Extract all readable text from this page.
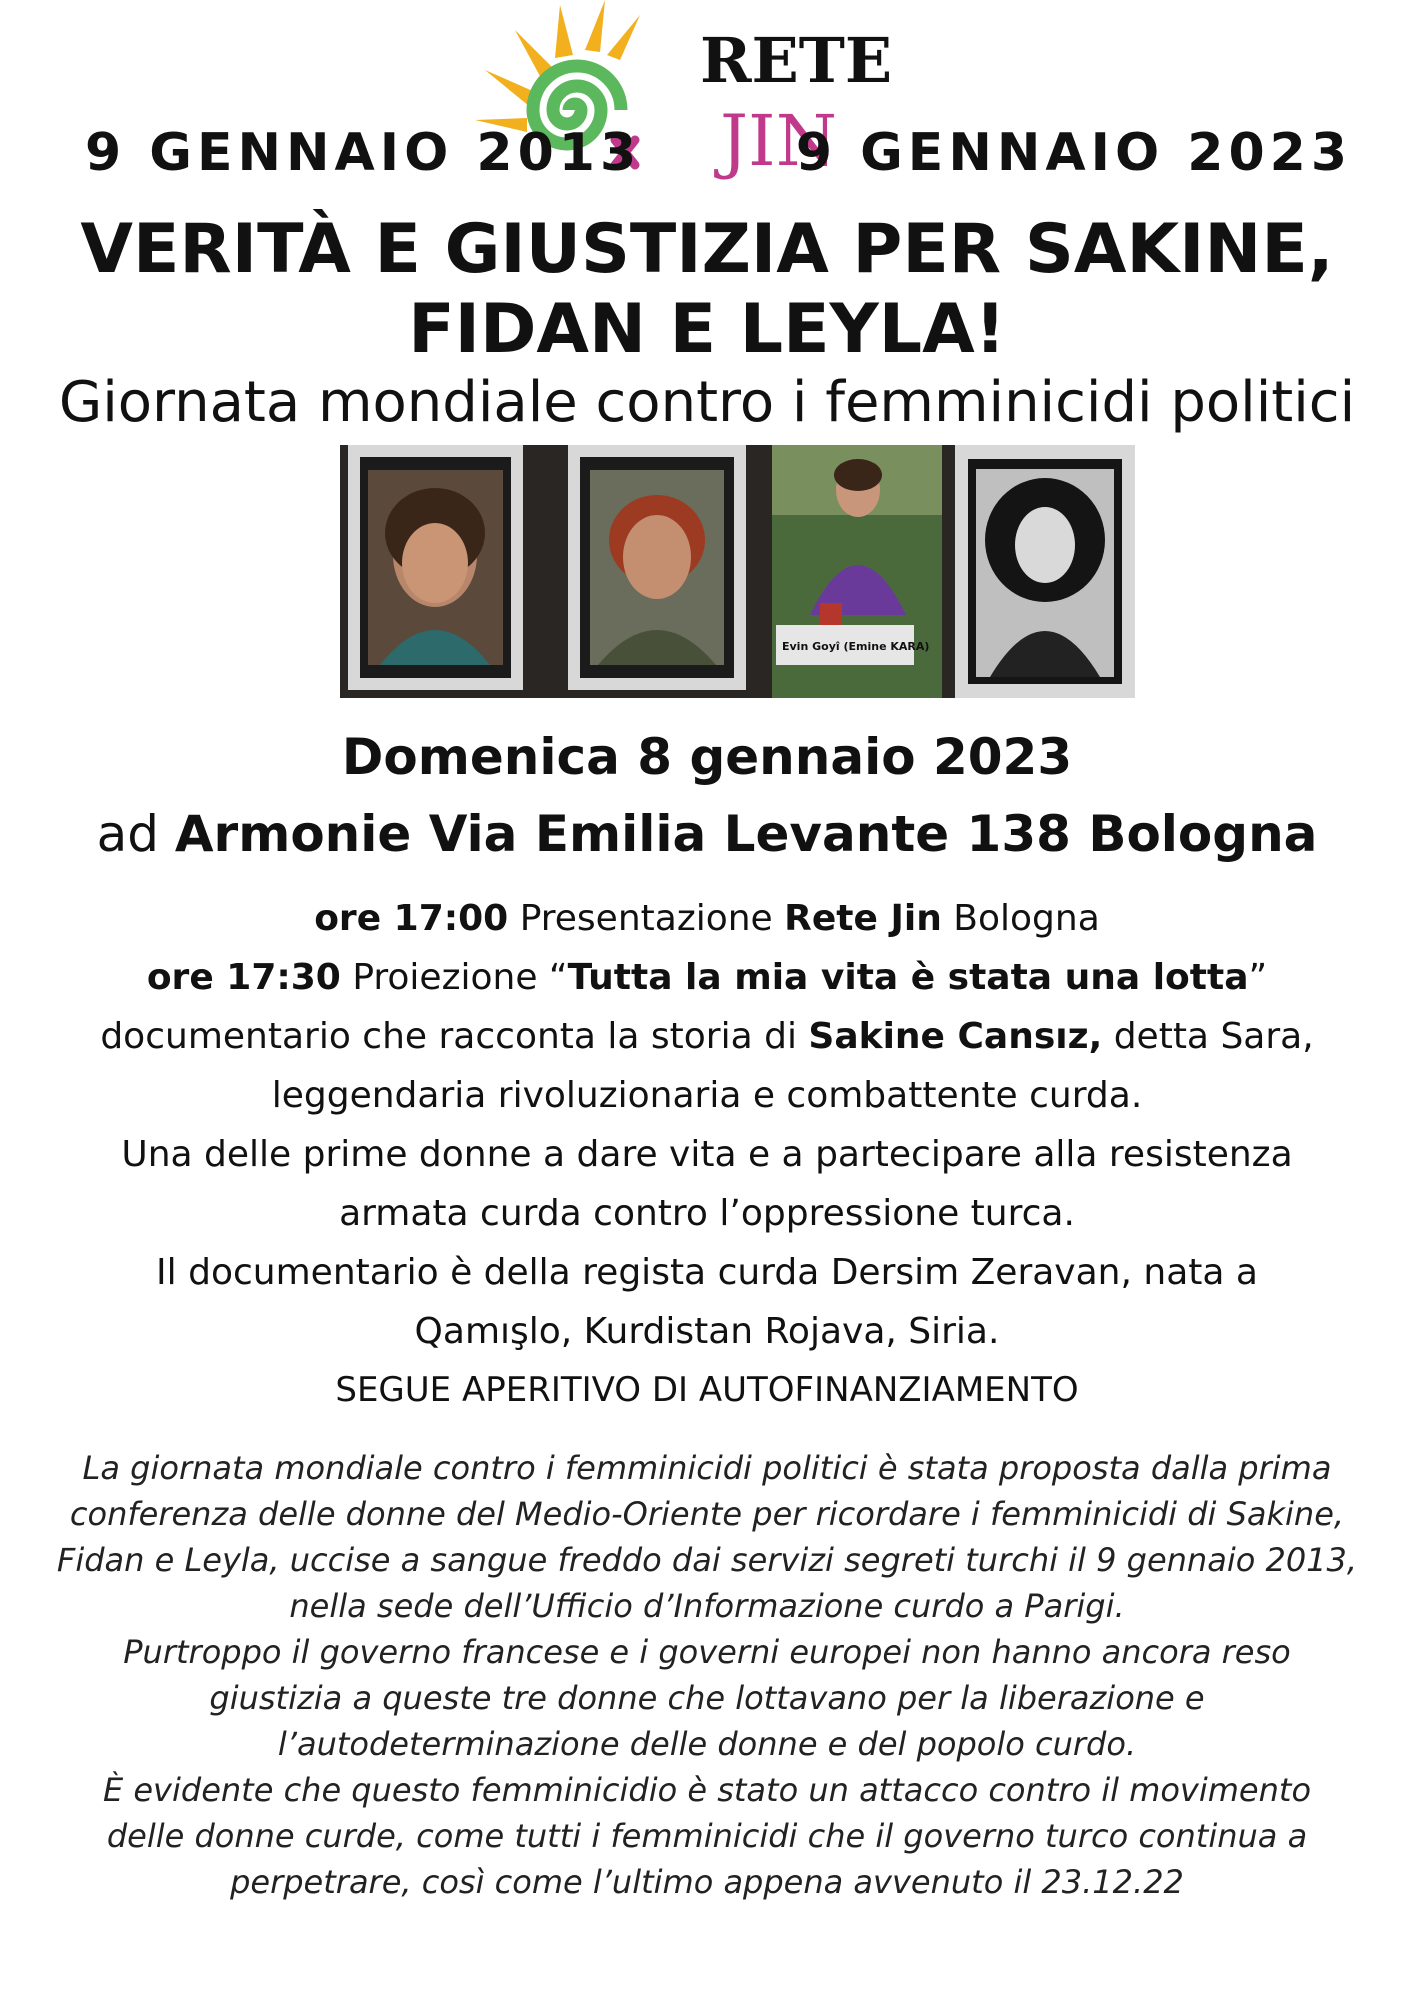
RETE
JIN
9 GENNAIO 2013	9 GENNAIO 2023
VERITÀ E GIUSTIZIA PER SAKINE,
FIDAN E LEYLA!
Giornata mondiale contro i femminicidi politici
Evin Goyî (Emine KARA)
Domenica 8 gennaio 2023
ad Armonie Via Emilia Levante 138 Bologna
ore 17:00 Presentazione Rete Jin Bologna
ore 17:30 Proiezione “Tutta la mia vita è stata una lotta”
documentario che racconta la storia di Sakine Cansız, detta Sara,
leggendaria rivoluzionaria e combattente curda.
Una delle prime donne a dare vita e a partecipare alla resistenza
armata curda contro l’oppressione turca.
Il documentario è della regista curda Dersim Zeravan, nata a
Qamışlo, Kurdistan Rojava, Siria.
SEGUE APERITIVO DI AUTOFINANZIAMENTO
La giornata mondiale contro i femminicidi politici è stata proposta dalla prima
conferenza delle donne del Medio-Oriente per ricordare i femminicidi di Sakine,
Fidan e Leyla, uccise a sangue freddo dai servizi segreti turchi il 9 gennaio 2013,
nella sede dell’Ufficio d’Informazione curdo a Parigi.
Purtroppo il governo francese e i governi europei non hanno ancora reso
giustizia a queste tre donne che lottavano per la liberazione e
l’autodeterminazione delle donne e del popolo curdo.
È evidente che questo femminicidio è stato un attacco contro il movimento
delle donne curde, come tutti i femminicidi che il governo turco continua a
perpetrare, così come l’ultimo appena avvenuto il 23.12.22
